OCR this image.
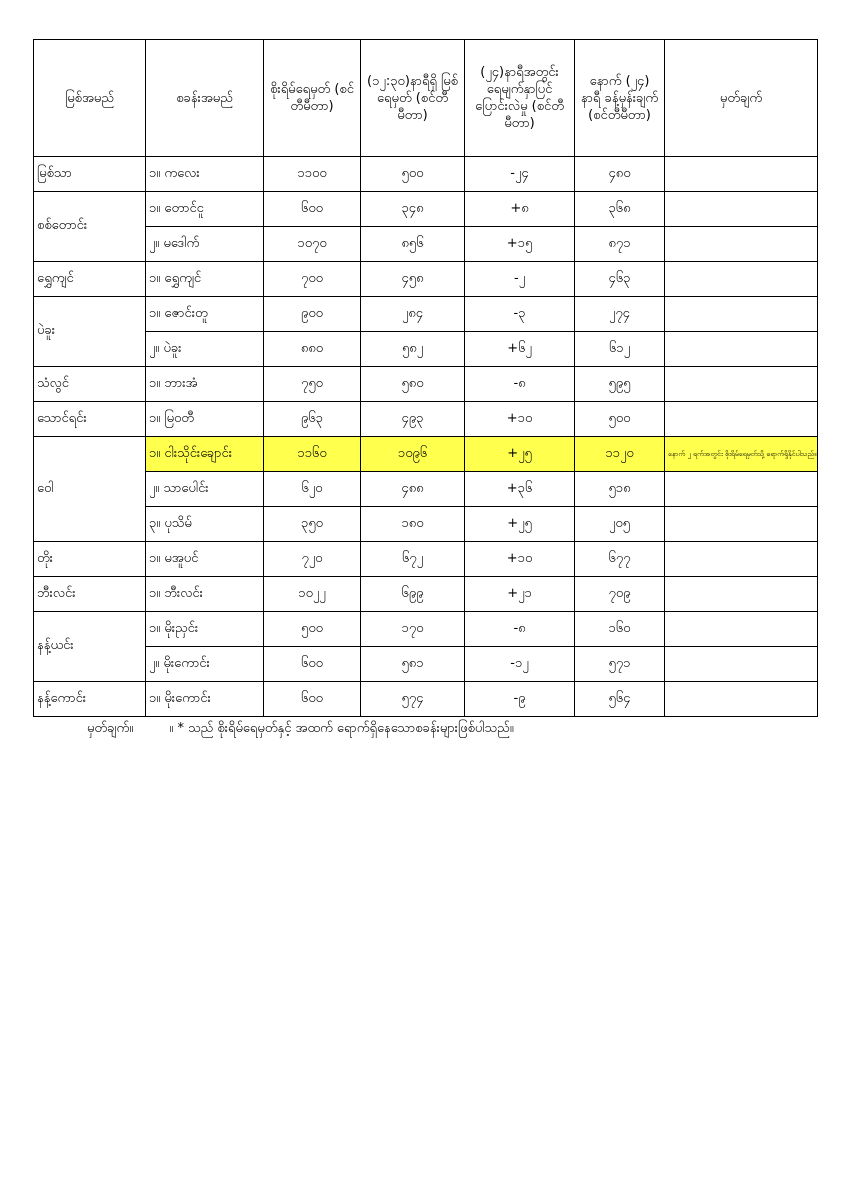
မြစ်အမည်	စခန်းအမည်	စိုးရိမ်ရေမှတ် (စင်တီမီတာ)	(၁၂:၃၀)နာရီရှိ မြစ်ရေမှတ် (စင်တီမီတာ)	(၂၄)နာရီအတွင်း ရေမျက်နှာပြင် ပြောင်းလဲမှု (စင်တီမီတာ)	နောက် (၂၄) နာရီ ခန့်မှန်းချက် (စင်တီမီတာ)	မှတ်ချက်
မြစ်သာ	၁။ ကလေး	၁၁၀၀	၅၀၀	-၂၄	၄၈၀	
စစ်တောင်း	၁။ တောင်ငူ	၆၀၀	၃၄၈	+၈	၃၆၈	
	၂။ မဒေါက်	၁၀၇၀	၈၅၆	+၁၅	၈၇၁	
ရွှေကျင်	၁။ ရွှေကျင်	၇၀၀	၄၅၈	-၂	၄၆၃	
ပဲခူး	၁။ ဇောင်းတူ	၉၀၀	၂၈၄	-၃	၂၇၄	
	၂။ ပဲခူး	၈၈၀	၅၈၂	+၆၂	၆၁၂	
သံလွင်	၁။ ဘားအံ	၇၅၀	၅၈၀	-၈	၅၉၅	
သောင်ရင်း	၁။ မြဝတီ	၉၆၃	၄၉၃	+၁၀	၅၀၀	
ဝေါ	၁။ ငါးသိုင်းချောင်း	၁၁၆၀	၁၀၉၆	+၂၅	၁၁၂၀	နောက် ၂ ရက်အတွင်း စိုးရိမ်ရေမှတ်သို့ ရောက်ရှိနိုင်ပါသည်။
	၂။ သာပေါင်း	၆၂၀	၄၈၈	+၃၆	၅၁၈	
	၃။ ပုသိမ်	၃၅၀	၁၈၀	+၂၅	၂၀၅	
တိုး	၁။ မအူပင်	၇၂၀	၆၇၂	+၁၀	၆၇၇	
ဘီးလင်း	၁။ ဘီးလင်း	၁၀၂၂	၆၉၉	+၂၁	၇၀၉	
နန့်ယင်း	၁။ မိုးညှင်း	၅၀၀	၁၇၀	-၈	၁၆၀	
	၂။ မိုးကောင်း	၆၀၀	၅၈၁	-၁၂	၅၇၁	
နန့်ကောင်း	၁။ မိုးကောင်း	၆၀၀	၅၇၄	-၉	၅၆၄	
မှတ်ချက်။	။ * သည် စိုးရိမ်ရေမှတ်နှင့် အထက် ရောက်ရှိနေသောစခန်းများဖြစ်ပါသည်။
